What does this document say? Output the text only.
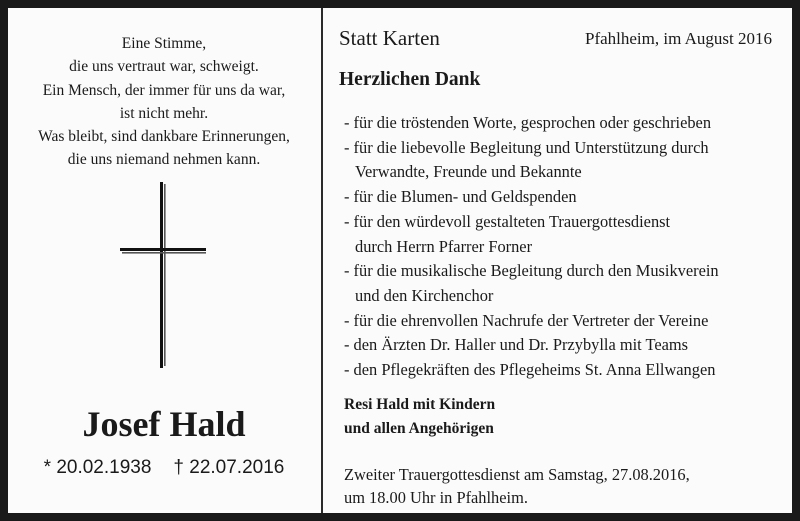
Eine Stimme,
die uns vertraut war, schweigt.
Ein Mensch, der immer für uns da war,
ist nicht mehr.
Was bleibt, sind dankbare Erinnerungen,
die uns niemand nehmen kann.
Josef Hald
* 20.02.1938 † 22.07.2016
Statt Karten	Pfahlheim, im August 2016
Herzlichen Dank
- für die tröstenden Worte, gesprochen oder geschrieben
- für die liebevolle Begleitung und Unterstützung durch
Verwandte, Freunde und Bekannte
- für die Blumen- und Geldspenden
- für den würdevoll gestalteten Trauergottesdienst
durch Herrn Pfarrer Forner
- für die musikalische Begleitung durch den Musikverein
und den Kirchenchor
- für die ehrenvollen Nachrufe der Vertreter der Vereine
- den Ärzten Dr. Haller und Dr. Przybylla mit Teams
- den Pflegekräften des Pflegeheims St. Anna Ellwangen
Resi Hald mit Kindern
und allen Angehörigen
Zweiter Trauergottesdienst am Samstag, 27.08.2016,
um 18.00 Uhr in Pfahlheim.
